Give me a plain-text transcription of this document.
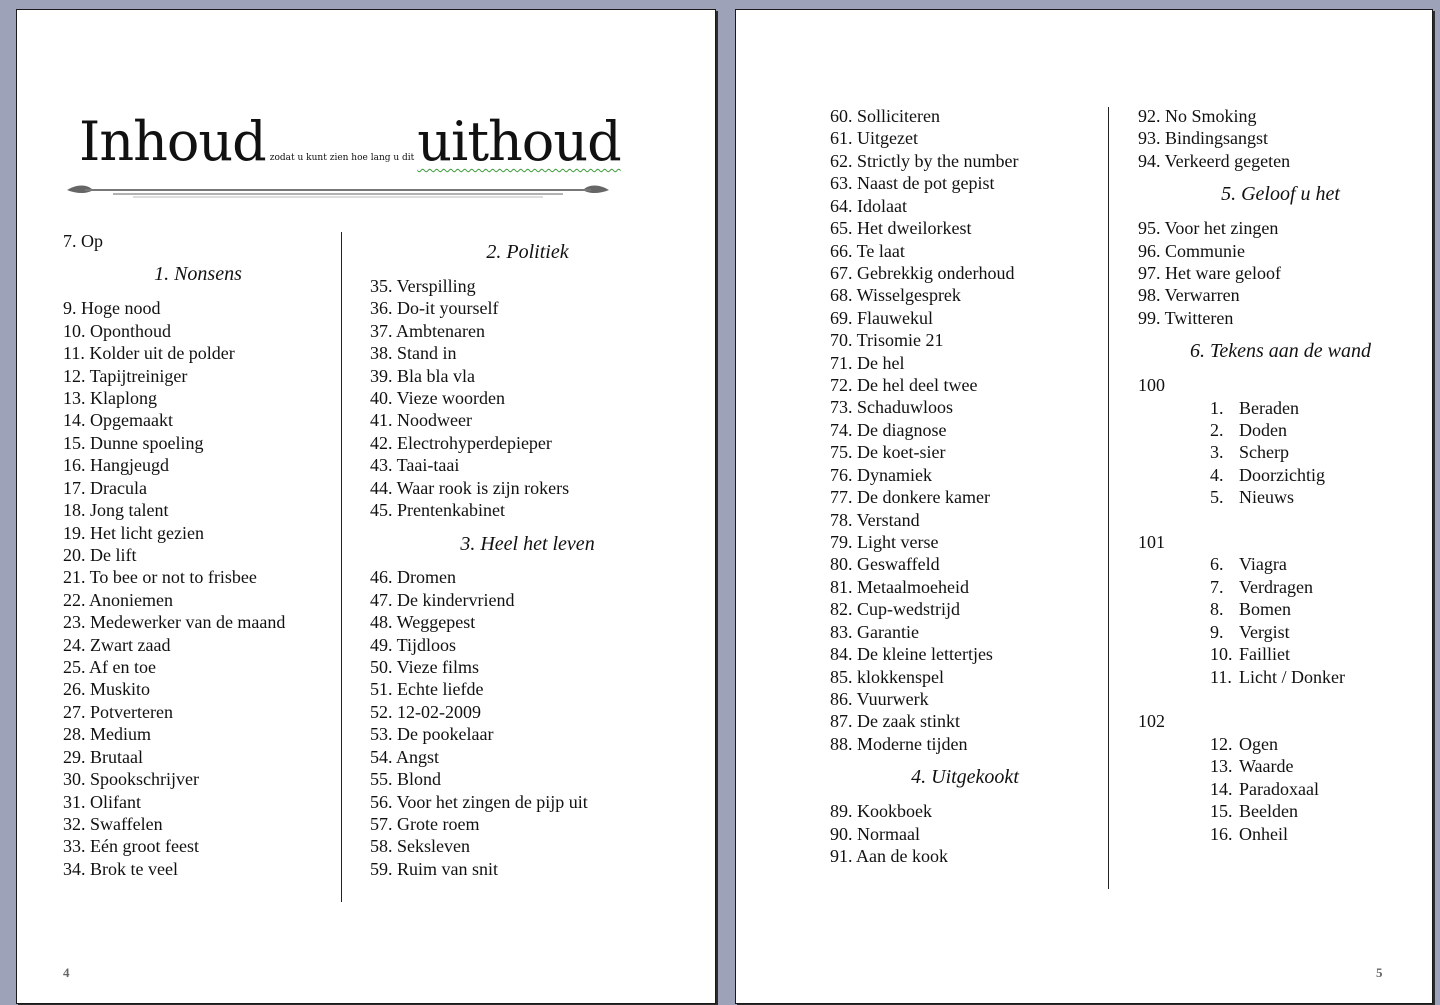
Inhoud zodat u kunt zien hoe lang u dituithoud
7. Op
1. Nonsens
9. Hoge nood
10. Oponthoud
11. Kolder uit de polder
12. Tapijtreiniger
13. Klaplong
14. Opgemaakt
15. Dunne spoeling
16. Hangjeugd
17. Dracula
18. Jong talent
19. Het licht gezien
20. De lift
21. To bee or not to frisbee
22. Anoniemen
23. Medewerker van de maand
24. Zwart zaad
25. Af en toe
26. Muskito
27. Potverteren
28. Medium
29. Brutaal
30. Spookschrijver
31. Olifant
32. Swaffelen
33. Eén groot feest
34. Brok te veel
2. Politiek
35. Verspilling
36. Do-it yourself
37. Ambtenaren
38. Stand in
39. Bla bla vla
40. Vieze woorden
41. Noodweer
42. Electrohyperdepieper
43. Taai-taai
44. Waar rook is zijn rokers
45. Prentenkabinet
3. Heel het leven
46. Dromen
47. De kindervriend
48. Weggepest
49. Tijdloos
50. Vieze films
51. Echte liefde
52. 12-02-2009
53. De pookelaar
54. Angst
55. Blond
56. Voor het zingen de pijp uit
57. Grote roem
58. Seksleven
59. Ruim van snit
4
60. Solliciteren
61. Uitgezet
62. Strictly by the number
63. Naast de pot gepist
64. Idolaat
65. Het dweilorkest
66. Te laat
67. Gebrekkig onderhoud
68. Wisselgesprek
69. Flauwekul
70. Trisomie 21
71. De hel
72. De hel deel twee
73. Schaduwloos
74. De diagnose
75. De koet-sier
76. Dynamiek
77. De donkere kamer
78. Verstand
79. Light verse
80. Geswaffeld
81. Metaalmoeheid
82. Cup-wedstrijd
83. Garantie
84. De kleine lettertjes
85. klokkenspel
86. Vuurwerk
87. De zaak stinkt
88. Moderne tijden
4. Uitgekookt
89. Kookboek
90. Normaal
91. Aan de kook
92. No Smoking
93. Bindingsangst
94. Verkeerd gegeten
5. Geloof u het
95. Voor het zingen
96. Communie
97. Het ware geloof
98. Verwarren
99. Twitteren
6. Tekens aan de wand
100
1. Beraden
2. Doden
3. Scherp
4. Doorzichtig
5. Nieuws
101
6. Viagra
7. Verdragen
8. Bomen
9. Vergist
10. Failliet
11. Licht / Donker
102
12. Ogen
13. Waarde
14. Paradoxaal
15. Beelden
16. Onheil
5
